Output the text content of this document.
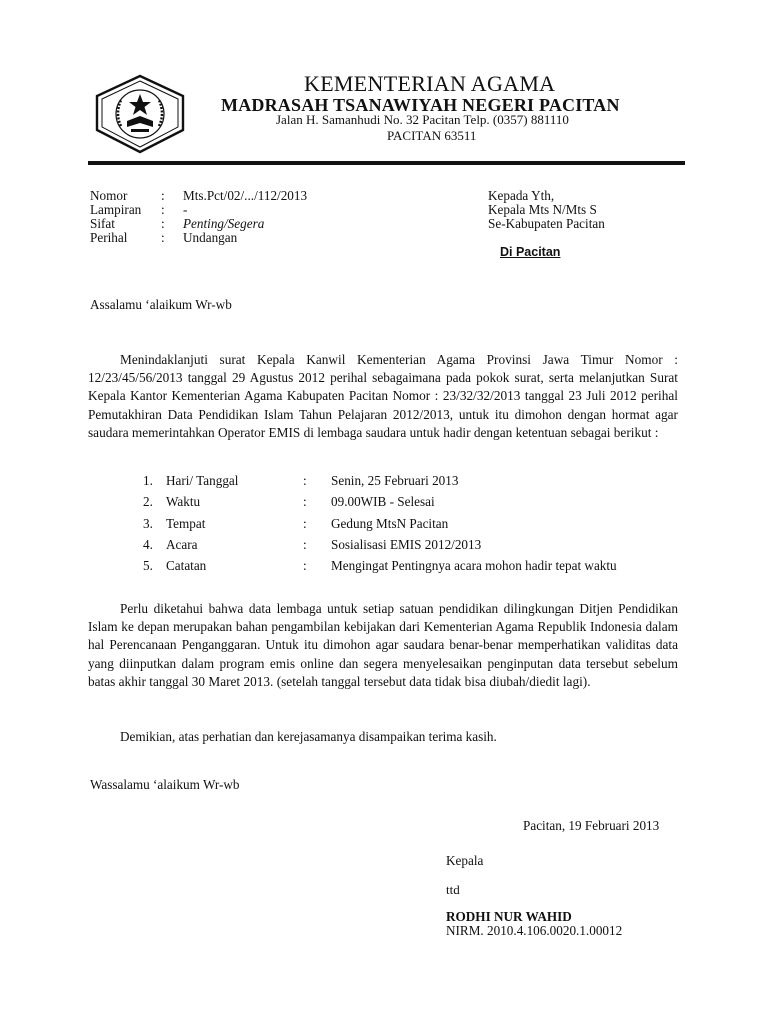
KEMENTERIAN AGAMA
MADRASAH TSANAWIYAH NEGERI PACITAN
Jalan H. Samanhudi No. 32 Pacitan Telp. (0357) 881110
PACITAN 63511
Nomor	: Mts.Pct/02/.../112/2013
Lampiran : -
Sifat	: Penting/Segera
Perihal	: Undangan
Kepada Yth,
Kepala Mts N/Mts S
Se-Kabupaten Pacitan
Di Pacitan
Assalamu ‘alaikum Wr-wb

Menindaklanjuti surat Kepala Kanwil Kementerian Agama Provinsi Jawa Timur Nomor : 12/23/45/56/2013 tanggal 29 Agustus 2012 perihal sebagaimana pada pokok surat, serta melanjutkan Surat Kepala Kantor Kementerian Agama Kabupaten Pacitan Nomor : 23/32/32/2013 tanggal 23 Juli 2012 perihal Pemutakhiran Data Pendidikan Islam Tahun Pelajaran 2012/2013, untuk itu dimohon dengan hormat agar saudara memerintahkan Operator EMIS di lembaga saudara untuk hadir dengan ketentuan sebagai berikut :

1. Hari/ Tanggal	: Senin, 25 Februari 2013
2. Waktu	: 09.00WIB - Selesai
3. Tempat	: Gedung MtsN Pacitan
4. Acara	: Sosialisasi EMIS 2012/2013
5. Catatan	: Mengingat Pentingnya acara mohon hadir tepat waktu

Perlu diketahui bahwa data lembaga untuk setiap satuan pendidikan dilingkungan Ditjen Pendidikan Islam ke depan merupakan bahan pengambilan kebijakan dari Kementerian Agama Republik Indonesia dalam hal Perencanaan Penganggaran. Untuk itu dimohon agar saudara benar-benar memperhatikan validitas data yang diinputkan dalam program emis online dan segera menyelesaikan penginputan data tersebut sebelum batas akhir tanggal 30 Maret 2013. (setelah tanggal tersebut data tidak bisa diubah/diedit lagi).

Demikian, atas perhatian dan kerejasamanya disampaikan terima kasih.
Wassalamu ‘alaikum Wr-wb
Pacitan, 19 Februari 2013
Kepala
ttd
RODHI NUR WAHID
NIRM. 2010.4.106.0020.1.00012
